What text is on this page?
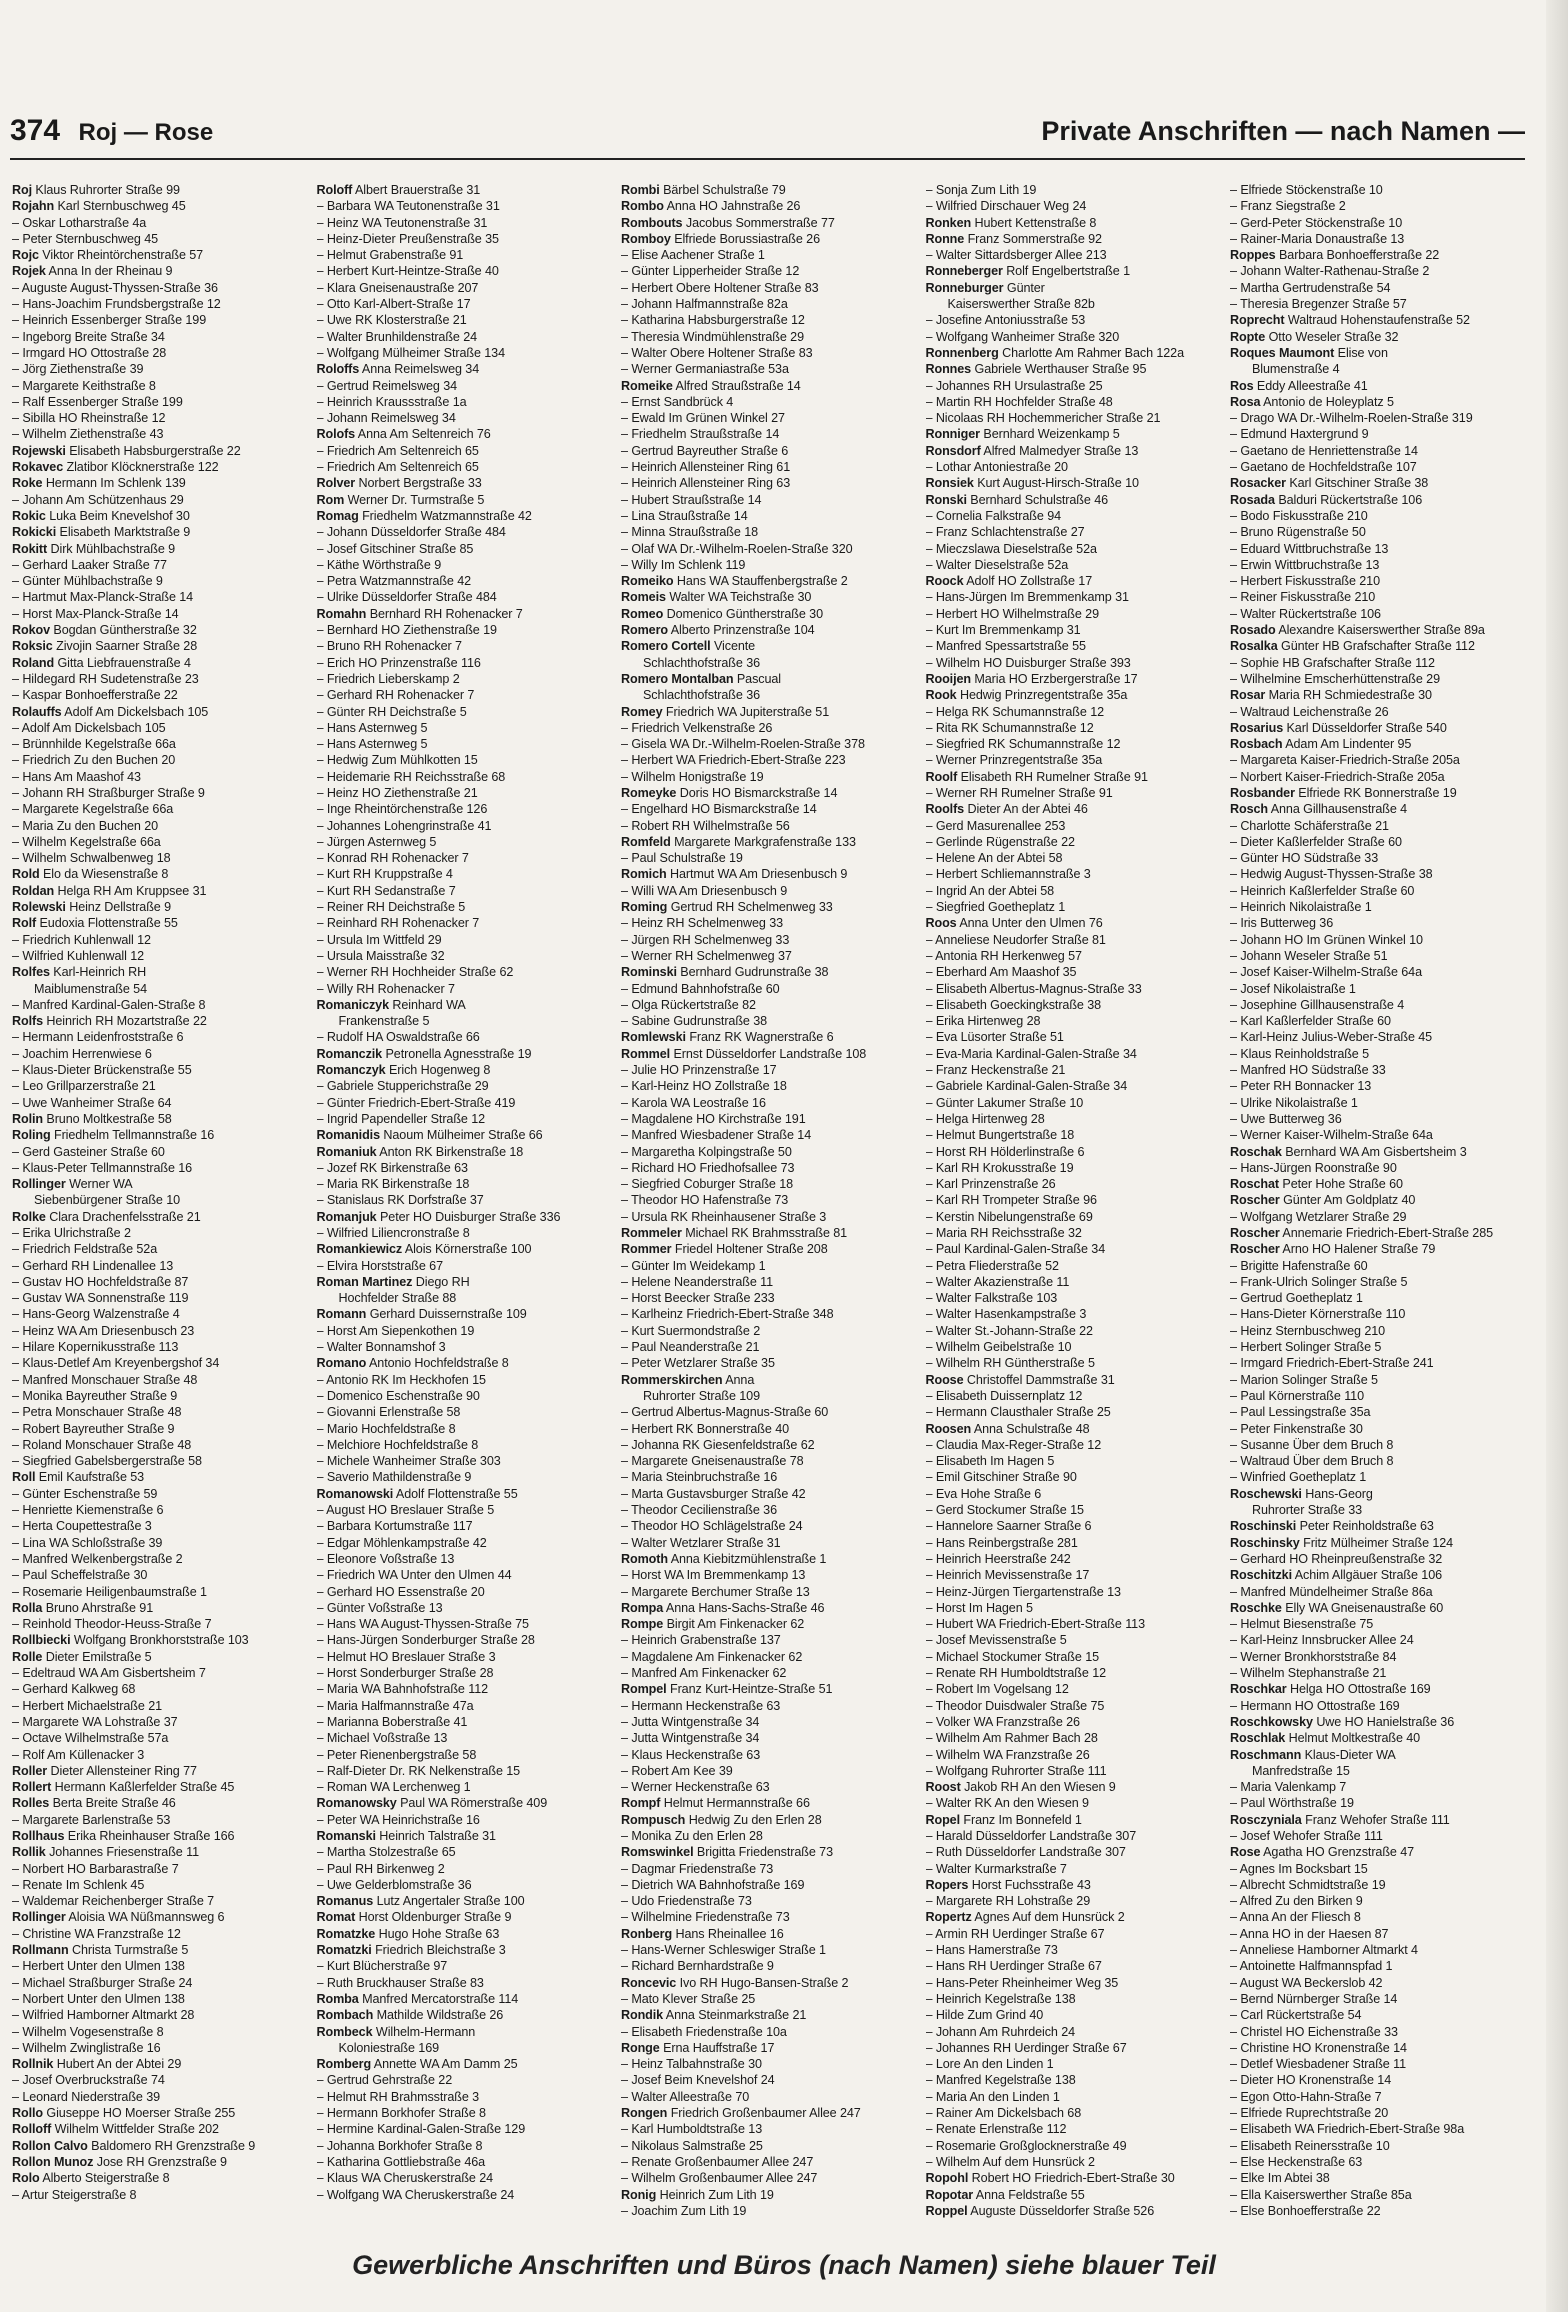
374 Roj — Rose	Private Anschriften — nach Namen —
Roj Klaus Ruhrorter Straße 99
Rojahn Karl Sternbuschweg 45
– Oskar Lotharstraße 4a
– Peter Sternbuschweg 45
Rojc Viktor Rheintörchenstraße 57
Rojek Anna In der Rheinau 9
– Auguste August-Thyssen-Straße 36
– Hans-Joachim Frundsbergstraße 12
– Heinrich Essenberger Straße 199
– Ingeborg Breite Straße 34
– Irmgard HO Ottostraße 28
– Jörg Ziethenstraße 39
– Margarete Keithstraße 8
– Ralf Essenberger Straße 199
– Sibilla HO Rheinstraße 12
– Wilhelm Ziethenstraße 43
Rojewski Elisabeth Habsburgerstraße 22
Rokavec Zlatibor Klöcknerstraße 122
Roke Hermann Im Schlenk 139
– Johann Am Schützenhaus 29
Rokic Luka Beim Knevelshof 30
Rokicki Elisabeth Marktstraße 9
Rokitt Dirk Mühlbachstraße 9
– Gerhard Laaker Straße 77
– Günter Mühlbachstraße 9
– Hartmut Max-Planck-Straße 14
– Horst Max-Planck-Straße 14
Rokov Bogdan Güntherstraße 32
Roksic Zivojin Saarner Straße 28
Roland Gitta Liebfrauenstraße 4
– Hildegard RH Sudetenstraße 23
– Kaspar Bonhoefferstraße 22
Rolauffs Adolf Am Dickelsbach 105
– Adolf Am Dickelsbach 105
– Brünnhilde Kegelstraße 66a
– Friedrich Zu den Buchen 20
– Hans Am Maashof 43
– Johann RH Straßburger Straße 9
– Margarete Kegelstraße 66a
– Maria Zu den Buchen 20
– Wilhelm Kegelstraße 66a
– Wilhelm Schwalbenweg 18
Rold Elo da Wiesenstraße 8
Roldan Helga RH Am Kruppsee 31
Rolewski Heinz Dellstraße 9
Rolf Eudoxia Flottenstraße 55
– Friedrich Kuhlenwall 12
– Wilfried Kuhlenwall 12
Rolfes Karl-Heinrich RH
Maiblumenstraße 54
– Manfred Kardinal-Galen-Straße 8
Rolfs Heinrich RH Mozartstraße 22
– Hermann Leidenfroststraße 6
– Joachim Herrenwiese 6
– Klaus-Dieter Brückenstraße 55
– Leo Grillparzerstraße 21
– Uwe Wanheimer Straße 64
Rolin Bruno Moltkestraße 58
Roling Friedhelm Tellmannstraße 16
– Gerd Gasteiner Straße 60
– Klaus-Peter Tellmannstraße 16
Rollinger Werner WA
Siebenbürgener Straße 10
Rolke Clara Drachenfelsstraße 21
– Erika Ulrichstraße 2
– Friedrich Feldstraße 52a
– Gerhard RH Lindenallee 13
– Gustav HO Hochfeldstraße 87
– Gustav WA Sonnenstraße 119
– Hans-Georg Walzenstraße 4
– Heinz WA Am Driesenbusch 23
– Hilare Kopernikusstraße 113
– Klaus-Detlef Am Kreyenbergshof 34
– Manfred Monschauer Straße 48
– Monika Bayreuther Straße 9
– Petra Monschauer Straße 48
– Robert Bayreuther Straße 9
– Roland Monschauer Straße 48
– Siegfried Gabelsbergerstraße 58
Roll Emil Kaufstraße 53
– Günter Eschenstraße 59
– Henriette Kiemenstraße 6
– Herta Coupettestraße 3
– Lina WA Schloßstraße 39
– Manfred Welkenbergstraße 2
– Paul Scheffelstraße 30
– Rosemarie Heiligenbaumstraße 1
Rolla Bruno Ahrstraße 91
– Reinhold Theodor-Heuss-Straße 7
Rollbiecki Wolfgang Bronkhorststraße 103
Rolle Dieter Emilstraße 5
– Edeltraud WA Am Gisbertsheim 7
– Gerhard Kalkweg 68
– Herbert Michaelstraße 21
– Margarete WA Lohstraße 37
– Octave Wilhelmstraße 57a
– Rolf Am Küllenacker 3
Roller Dieter Allensteiner Ring 77
Rollert Hermann Kaßlerfelder Straße 45
Rolles Berta Breite Straße 46
– Margarete Barlenstraße 53
Rollhaus Erika Rheinhauser Straße 166
Rollik Johannes Friesenstraße 11
– Norbert HO Barbarastraße 7
– Renate Im Schlenk 45
– Waldemar Reichenberger Straße 7
Rollinger Aloisia WA Nüßmannsweg 6
– Christine WA Franzstraße 12
Rollmann Christa Turmstraße 5
– Herbert Unter den Ulmen 138
– Michael Straßburger Straße 24
– Norbert Unter den Ulmen 138
– Wilfried Hamborner Altmarkt 28
– Wilhelm Vogesenstraße 8
– Wilhelm Zwinglistraße 16
Rollnik Hubert An der Abtei 29
– Josef Overbruckstraße 74
– Leonard Niederstraße 39
Rollo Giuseppe HO Moerser Straße 255
Rolloff Wilhelm Wittfelder Straße 202
Rollon Calvo Baldomero RH Grenzstraße 9
Rollon Munoz Jose RH Grenzstraße 9
Rolo Alberto Steigerstraße 8
– Artur Steigerstraße 8
Roloff Albert Brauerstraße 31
– Barbara WA Teutonenstraße 31
– Heinz WA Teutonenstraße 31
– Heinz-Dieter Preußenstraße 35
– Helmut Grabenstraße 91
– Herbert Kurt-Heintze-Straße 40
– Klara Gneisenaustraße 207
– Otto Karl-Albert-Straße 17
– Uwe RK Klosterstraße 21
– Walter Brunhildenstraße 24
– Wolfgang Mülheimer Straße 134
Roloffs Anna Reimelsweg 34
– Gertrud Reimelsweg 34
– Heinrich Kraussstraße 1a
– Johann Reimelsweg 34
Rolofs Anna Am Seltenreich 76
– Friedrich Am Seltenreich 65
– Friedrich Am Seltenreich 65
Rolver Norbert Bergstraße 33
Rom Werner Dr. Turmstraße 5
Romag Friedhelm Watzmannstraße 42
– Johann Düsseldorfer Straße 484
– Josef Gitschiner Straße 85
– Käthe Wörthstraße 9
– Petra Watzmannstraße 42
– Ulrike Düsseldorfer Straße 484
Romahn Bernhard RH Rohenacker 7
– Bernhard HO Ziethenstraße 19
– Bruno RH Rohenacker 7
– Erich HO Prinzenstraße 116
– Friedrich Lieberskamp 2
– Gerhard RH Rohenacker 7
– Günter RH Deichstraße 5
– Hans Asternweg 5
– Hans Asternweg 5
– Hedwig Zum Mühlkotten 15
– Heidemarie RH Reichsstraße 68
– Heinz HO Ziethenstraße 21
– Inge Rheintörchenstraße 126
– Johannes Lohengrinstraße 41
– Jürgen Asternweg 5
– Konrad RH Rohenacker 7
– Kurt RH Kruppstraße 4
– Kurt RH Sedanstraße 7
– Reiner RH Deichstraße 5
– Reinhard RH Rohenacker 7
– Ursula Im Wittfeld 29
– Ursula Maisstraße 32
– Werner RH Hochheider Straße 62
– Willy RH Rohenacker 7
Romaniczyk Reinhard WA
Frankenstraße 5
– Rudolf HA Oswaldstraße 66
Romanczik Petronella Agnesstraße 19
Romanczyk Erich Hogenweg 8
– Gabriele Stupperichstraße 29
– Günter Friedrich-Ebert-Straße 419
– Ingrid Papendeller Straße 12
Romanidis Naoum Mülheimer Straße 66
Romaniuk Anton RK Birkenstraße 18
– Jozef RK Birkenstraße 63
– Maria RK Birkenstraße 18
– Stanislaus RK Dorfstraße 37
Romanjuk Peter HO Duisburger Straße 336
– Wilfried Liliencronstraße 8
Romankiewicz Alois Körnerstraße 100
– Elvira Horststraße 67
Roman Martinez Diego RH
Hochfelder Straße 88
Romann Gerhard Duissernstraße 109
– Horst Am Siepenkothen 19
– Walter Bonnamshof 3
Romano Antonio Hochfeldstraße 8
– Antonio RK Im Heckhofen 15
– Domenico Eschenstraße 90
– Giovanni Erlenstraße 58
– Mario Hochfeldstraße 8
– Melchiore Hochfeldstraße 8
– Michele Wanheimer Straße 303
– Saverio Mathildenstraße 9
Romanowski Adolf Flottenstraße 55
– August HO Breslauer Straße 5
– Barbara Kortumstraße 117
– Edgar Möhlenkampstraße 42
– Eleonore Voßstraße 13
– Friedrich WA Unter den Ulmen 44
– Gerhard HO Essenstraße 20
– Günter Voßstraße 13
– Hans WA August-Thyssen-Straße 75
– Hans-Jürgen Sonderburger Straße 28
– Helmut HO Breslauer Straße 3
– Horst Sonderburger Straße 28
– Maria WA Bahnhofstraße 112
– Maria Halfmannstraße 47a
– Marianna Boberstraße 41
– Michael Voßstraße 13
– Peter Rienenbergstraße 58
– Ralf-Dieter Dr. RK Nelkenstraße 15
– Roman WA Lerchenweg 1
Romanowsky Paul WA Römerstraße 409
– Peter WA Heinrichstraße 16
Romanski Heinrich Talstraße 31
– Martha Stolzestraße 65
– Paul RH Birkenweg 2
– Uwe Gelderblomstraße 36
Romanus Lutz Angertaler Straße 100
Romat Horst Oldenburger Straße 9
Romatzke Hugo Hohe Straße 63
Romatzki Friedrich Bleichstraße 3
– Kurt Blücherstraße 97
– Ruth Bruckhauser Straße 83
Romba Manfred Mercatorstraße 114
Rombach Mathilde Wildstraße 26
Rombeck Wilhelm-Hermann
Koloniestraße 169
Romberg Annette WA Am Damm 25
– Gertrud Gehrstraße 22
– Helmut RH Brahmsstraße 3
– Hermann Borkhofer Straße 8
– Hermine Kardinal-Galen-Straße 129
– Johanna Borkhofer Straße 8
– Katharina Gottliebstraße 46a
– Klaus WA Cheruskerstraße 24
– Wolfgang WA Cheruskerstraße 24
Rombi Bärbel Schulstraße 79
Rombo Anna HO Jahnstraße 26
Rombouts Jacobus Sommerstraße 77
Romboy Elfriede Borussiastraße 26
– Elise Aachener Straße 1
– Günter Lipperheider Straße 12
– Herbert Obere Holtener Straße 83
– Johann Halfmannstraße 82a
– Katharina Habsburgerstraße 12
– Theresia Windmühlenstraße 29
– Walter Obere Holtener Straße 83
– Werner Germaniastraße 53a
Romeike Alfred Straußstraße 14
– Ernst Sandbrück 4
– Ewald Im Grünen Winkel 27
– Friedhelm Straußstraße 14
– Gertrud Bayreuther Straße 6
– Heinrich Allensteiner Ring 61
– Heinrich Allensteiner Ring 63
– Hubert Straußstraße 14
– Lina Straußstraße 14
– Minna Straußstraße 18
– Olaf WA Dr.-Wilhelm-Roelen-Straße 320
– Willy Im Schlenk 119
Romeiko Hans WA Stauffenbergstraße 2
Romeis Walter WA Teichstraße 30
Romeo Domenico Güntherstraße 30
Romero Alberto Prinzenstraße 104
Romero Cortell Vicente
Schlachthofstraße 36
Romero Montalban Pascual
Schlachthofstraße 36
Romey Friedrich WA Jupiterstraße 51
– Friedrich Velkenstraße 26
– Gisela WA Dr.-Wilhelm-Roelen-Straße 378
– Herbert WA Friedrich-Ebert-Straße 223
– Wilhelm Honigstraße 19
Romeyke Doris HO Bismarckstraße 14
– Engelhard HO Bismarckstraße 14
– Robert RH Wilhelmstraße 56
Romfeld Margarete Markgrafenstraße 133
– Paul Schulstraße 19
Romich Hartmut WA Am Driesenbusch 9
– Willi WA Am Driesenbusch 9
Roming Gertrud RH Schelmenweg 33
– Heinz RH Schelmenweg 33
– Jürgen RH Schelmenweg 33
– Werner RH Schelmenweg 37
Rominski Bernhard Gudrunstraße 38
– Edmund Bahnhofstraße 60
– Olga Rückertstraße 82
– Sabine Gudrunstraße 38
Romlewski Franz RK Wagnerstraße 6
Rommel Ernst Düsseldorfer Landstraße 108
– Julie HO Prinzenstraße 17
– Karl-Heinz HO Zollstraße 18
– Karola WA Leostraße 16
– Magdalene HO Kirchstraße 191
– Manfred Wiesbadener Straße 14
– Margaretha Kolpingstraße 50
– Richard HO Friedhofsallee 73
– Siegfried Coburger Straße 18
– Theodor HO Hafenstraße 73
– Ursula RK Rheinhausener Straße 3
Rommeler Michael RK Brahmsstraße 81
Rommer Friedel Holtener Straße 208
– Günter Im Weidekamp 1
– Helene Neanderstraße 11
– Horst Beecker Straße 233
– Karlheinz Friedrich-Ebert-Straße 348
– Kurt Suermondstraße 2
– Paul Neanderstraße 21
– Peter Wetzlarer Straße 35
Rommerskirchen Anna
Ruhrorter Straße 109
– Gertrud Albertus-Magnus-Straße 60
– Herbert RK Bonnerstraße 40
– Johanna RK Giesenfeldstraße 62
– Margarete Gneisenaustraße 78
– Maria Steinbruchstraße 16
– Marta Gustavsburger Straße 42
– Theodor Cecilienstraße 36
– Theodor HO Schlägelstraße 24
– Walter Wetzlarer Straße 31
Romoth Anna Kiebitzmühlenstraße 1
– Horst WA Im Bremmenkamp 13
– Margarete Berchumer Straße 13
Rompa Anna Hans-Sachs-Straße 46
Rompe Birgit Am Finkenacker 62
– Heinrich Grabenstraße 137
– Magdalene Am Finkenacker 62
– Manfred Am Finkenacker 62
Rompel Franz Kurt-Heintze-Straße 51
– Hermann Heckenstraße 63
– Jutta Wintgenstraße 34
– Jutta Wintgenstraße 34
– Klaus Heckenstraße 63
– Robert Am Kee 39
– Werner Heckenstraße 63
Rompf Helmut Hermannstraße 66
Rompusch Hedwig Zu den Erlen 28
– Monika Zu den Erlen 28
Romswinkel Brigitta Friedenstraße 73
– Dagmar Friedenstraße 73
– Dietrich WA Bahnhofstraße 169
– Udo Friedenstraße 73
– Wilhelmine Friedenstraße 73
Ronberg Hans Rheinallee 16
– Hans-Werner Schleswiger Straße 1
– Richard Bernhardstraße 9
Roncevic Ivo RH Hugo-Bansen-Straße 2
– Mato Klever Straße 25
Rondik Anna Steinmarkstraße 21
– Elisabeth Friedenstraße 10a
Ronge Erna Hauffstraße 17
– Heinz Talbahnstraße 30
– Josef Beim Knevelshof 24
– Walter Alleestraße 70
Rongen Friedrich Großenbaumer Allee 247
– Karl Humboldtstraße 13
– Nikolaus Salmstraße 25
– Renate Großenbaumer Allee 247
– Wilhelm Großenbaumer Allee 247
Ronig Heinrich Zum Lith 19
– Joachim Zum Lith 19
– Sonja Zum Lith 19
– Wilfried Dirschauer Weg 24
Ronken Hubert Kettenstraße 8
Ronne Franz Sommerstraße 92
– Walter Sittardsberger Allee 213
Ronneberger Rolf Engelbertstraße 1
Ronneburger Günter
Kaiserswerther Straße 82b
– Josefine Antoniusstraße 53
– Wolfgang Wanheimer Straße 320
Ronnenberg Charlotte Am Rahmer Bach 122a
Ronnes Gabriele Werthauser Straße 95
– Johannes RH Ursulastraße 25
– Martin RH Hochfelder Straße 48
– Nicolaas RH Hochemmericher Straße 21
Ronniger Bernhard Weizenkamp 5
Ronsdorf Alfred Malmedyer Straße 13
– Lothar Antoniestraße 20
Ronsiek Kurt August-Hirsch-Straße 10
Ronski Bernhard Schulstraße 46
– Cornelia Falkstraße 94
– Franz Schlachtenstraße 27
– Mieczslawa Dieselstraße 52a
– Walter Dieselstraße 52a
Roock Adolf HO Zollstraße 17
– Hans-Jürgen Im Bremmenkamp 31
– Herbert HO Wilhelmstraße 29
– Kurt Im Bremmenkamp 31
– Manfred Spessartstraße 55
– Wilhelm HO Duisburger Straße 393
Rooijen Maria HO Erzbergerstraße 17
Rook Hedwig Prinzregentstraße 35a
– Helga RK Schumannstraße 12
– Rita RK Schumannstraße 12
– Siegfried RK Schumannstraße 12
– Werner Prinzregentstraße 35a
Roolf Elisabeth RH Rumelner Straße 91
– Werner RH Rumelner Straße 91
Roolfs Dieter An der Abtei 46
– Gerd Masurenallee 253
– Gerlinde Rügenstraße 22
– Helene An der Abtei 58
– Herbert Schliemannstraße 3
– Ingrid An der Abtei 58
– Siegfried Goetheplatz 1
Roos Anna Unter den Ulmen 76
– Anneliese Neudorfer Straße 81
– Antonia RH Herkenweg 57
– Eberhard Am Maashof 35
– Elisabeth Albertus-Magnus-Straße 33
– Elisabeth Goeckingkstraße 38
– Erika Hirtenweg 28
– Eva Lüsorter Straße 51
– Eva-Maria Kardinal-Galen-Straße 34
– Franz Heckenstraße 21
– Gabriele Kardinal-Galen-Straße 34
– Günter Lakumer Straße 10
– Helga Hirtenweg 28
– Helmut Bungertstraße 18
– Horst RH Hölderlinstraße 6
– Karl RH Krokusstraße 19
– Karl Prinzenstraße 26
– Karl RH Trompeter Straße 96
– Kerstin Nibelungenstraße 69
– Maria RH Reichsstraße 32
– Paul Kardinal-Galen-Straße 34
– Petra Fliederstraße 52
– Walter Akazienstraße 11
– Walter Falkstraße 103
– Walter Hasenkampstraße 3
– Walter St.-Johann-Straße 22
– Wilhelm Geibelstraße 10
– Wilhelm RH Güntherstraße 5
Roose Christoffel Dammstraße 31
– Elisabeth Duissernplatz 12
– Hermann Clausthaler Straße 25
Roosen Anna Schulstraße 48
– Claudia Max-Reger-Straße 12
– Elisabeth Im Hagen 5
– Emil Gitschiner Straße 90
– Eva Hohe Straße 6
– Gerd Stockumer Straße 15
– Hannelore Saarner Straße 6
– Hans Reinbergstraße 281
– Heinrich Heerstraße 242
– Heinrich Mevissenstraße 17
– Heinz-Jürgen Tiergartenstraße 13
– Horst Im Hagen 5
– Hubert WA Friedrich-Ebert-Straße 113
– Josef Mevissenstraße 5
– Michael Stockumer Straße 15
– Renate RH Humboldtstraße 12
– Robert Im Vogelsang 12
– Theodor Duisdwaler Straße 75
– Volker WA Franzstraße 26
– Wilhelm Am Rahmer Bach 28
– Wilhelm WA Franzstraße 26
– Wolfgang Ruhrorter Straße 111
Roost Jakob RH An den Wiesen 9
– Walter RK An den Wiesen 9
Ropel Franz Im Bonnefeld 1
– Harald Düsseldorfer Landstraße 307
– Ruth Düsseldorfer Landstraße 307
– Walter Kurmarkstraße 7
Ropers Horst Fuchsstraße 43
– Margarete RH Lohstraße 29
Ropertz Agnes Auf dem Hunsrück 2
– Armin RH Uerdinger Straße 67
– Hans Hamerstraße 73
– Hans RH Uerdinger Straße 67
– Hans-Peter Rheinheimer Weg 35
– Heinrich Kegelstraße 138
– Hilde Zum Grind 40
– Johann Am Ruhrdeich 24
– Johannes RH Uerdinger Straße 67
– Lore An den Linden 1
– Manfred Kegelstraße 138
– Maria An den Linden 1
– Rainer Am Dickelsbach 68
– Renate Erlenstraße 112
– Rosemarie Großglocknerstraße 49
– Wilhelm Auf dem Hunsrück 2
Ropohl Robert HO Friedrich-Ebert-Straße 30
Ropotar Anna Feldstraße 55
Roppel Auguste Düsseldorfer Straße 526
– Elfriede Stöckenstraße 10
– Franz Siegstraße 2
– Gerd-Peter Stöckenstraße 10
– Rainer-Maria Donaustraße 13
Roppes Barbara Bonhoefferstraße 22
– Johann Walter-Rathenau-Straße 2
– Martha Gertrudenstraße 54
– Theresia Bregenzer Straße 57
Roprecht Waltraud Hohenstaufenstraße 52
Ropte Otto Weseler Straße 32
Roques Maumont Elise von
Blumenstraße 4
Ros Eddy Alleestraße 41
Rosa Antonio de Holeyplatz 5
– Drago WA Dr.-Wilhelm-Roelen-Straße 319
– Edmund Haxtergrund 9
– Gaetano de Henriettenstraße 14
– Gaetano de Hochfeldstraße 107
Rosacker Karl Gitschiner Straße 38
Rosada Balduri Rückertstraße 106
– Bodo Fiskusstraße 210
– Bruno Rügenstraße 50
– Eduard Wittbruchstraße 13
– Erwin Wittbruchstraße 13
– Herbert Fiskusstraße 210
– Reiner Fiskusstraße 210
– Walter Rückertstraße 106
Rosado Alexandre Kaiserswerther Straße 89a
Rosalka Günter HB Grafschafter Straße 112
– Sophie HB Grafschafter Straße 112
– Wilhelmine Emscherhüttenstraße 29
Rosar Maria RH Schmiedestraße 30
– Waltraud Leichenstraße 26
Rosarius Karl Düsseldorfer Straße 540
Rosbach Adam Am Lindenter 95
– Margareta Kaiser-Friedrich-Straße 205a
– Norbert Kaiser-Friedrich-Straße 205a
Rosbander Elfriede RK Bonnerstraße 19
Rosch Anna Gillhausenstraße 4
– Charlotte Schäferstraße 21
– Dieter Kaßlerfelder Straße 60
– Günter HO Südstraße 33
– Hedwig August-Thyssen-Straße 38
– Heinrich Kaßlerfelder Straße 60
– Heinrich Nikolaistraße 1
– Iris Butterweg 36
– Johann HO Im Grünen Winkel 10
– Johann Weseler Straße 51
– Josef Kaiser-Wilhelm-Straße 64a
– Josef Nikolaistraße 1
– Josephine Gillhausenstraße 4
– Karl Kaßlerfelder Straße 60
– Karl-Heinz Julius-Weber-Straße 45
– Klaus Reinholdstraße 5
– Manfred HO Südstraße 33
– Peter RH Bonnacker 13
– Ulrike Nikolaistraße 1
– Uwe Butterweg 36
– Werner Kaiser-Wilhelm-Straße 64a
Roschak Bernhard WA Am Gisbertsheim 3
– Hans-Jürgen Roonstraße 90
Roschat Peter Hohe Straße 60
Roscher Günter Am Goldplatz 40
– Wolfgang Wetzlarer Straße 29
Roscher Annemarie Friedrich-Ebert-Straße 285
Roscher Arno HO Halener Straße 79
– Brigitte Hafenstraße 60
– Frank-Ulrich Solinger Straße 5
– Gertrud Goetheplatz 1
– Hans-Dieter Körnerstraße 110
– Heinz Sternbuschweg 210
– Herbert Solinger Straße 5
– Irmgard Friedrich-Ebert-Straße 241
– Marion Solinger Straße 5
– Paul Körnerstraße 110
– Paul Lessingstraße 35a
– Peter Finkenstraße 30
– Susanne Über dem Bruch 8
– Waltraud Über dem Bruch 8
– Winfried Goetheplatz 1
Roschewski Hans-Georg
Ruhrorter Straße 33
Roschinski Peter Reinholdstraße 63
Roschinsky Fritz Mülheimer Straße 124
– Gerhard HO Rheinpreußenstraße 32
Roschitzki Achim Allgäuer Straße 106
– Manfred Mündelheimer Straße 86a
Roschke Elly WA Gneisenaustraße 60
– Helmut Biesenstraße 75
– Karl-Heinz Innsbrucker Allee 24
– Werner Bronkhorststraße 84
– Wilhelm Stephanstraße 21
Roschkar Helga HO Ottostraße 169
– Hermann HO Ottostraße 169
Roschkowsky Uwe HO Hanielstraße 36
Roschlak Helmut Moltkestraße 40
Roschmann Klaus-Dieter WA
Manfredstraße 15
– Maria Valenkamp 7
– Paul Wörthstraße 19
Rosczyniala Franz Wehofer Straße 111
– Josef Wehofer Straße 111
Rose Agatha HO Grenzstraße 47
– Agnes Im Bocksbart 15
– Albrecht Schmidtstraße 19
– Alfred Zu den Birken 9
– Anna An der Fliesch 8
– Anna HO in der Haesen 87
– Anneliese Hamborner Altmarkt 4
– Antoinette Halfmannspfad 1
– August WA Beckerslob 42
– Bernd Nürnberger Straße 14
– Carl Rückertstraße 54
– Christel HO Eichenstraße 33
– Christine HO Kronenstraße 14
– Detlef Wiesbadener Straße 11
– Dieter HO Kronenstraße 14
– Egon Otto-Hahn-Straße 7
– Elfriede Ruprechtstraße 20
– Elisabeth WA Friedrich-Ebert-Straße 98a
– Elisabeth Reinersstraße 10
– Else Heckenstraße 63
– Elke Im Abtei 38
– Ella Kaiserswerther Straße 85a
– Else Bonhoefferstraße 22
Gewerbliche Anschriften und Büros (nach Namen) siehe blauer Teil
